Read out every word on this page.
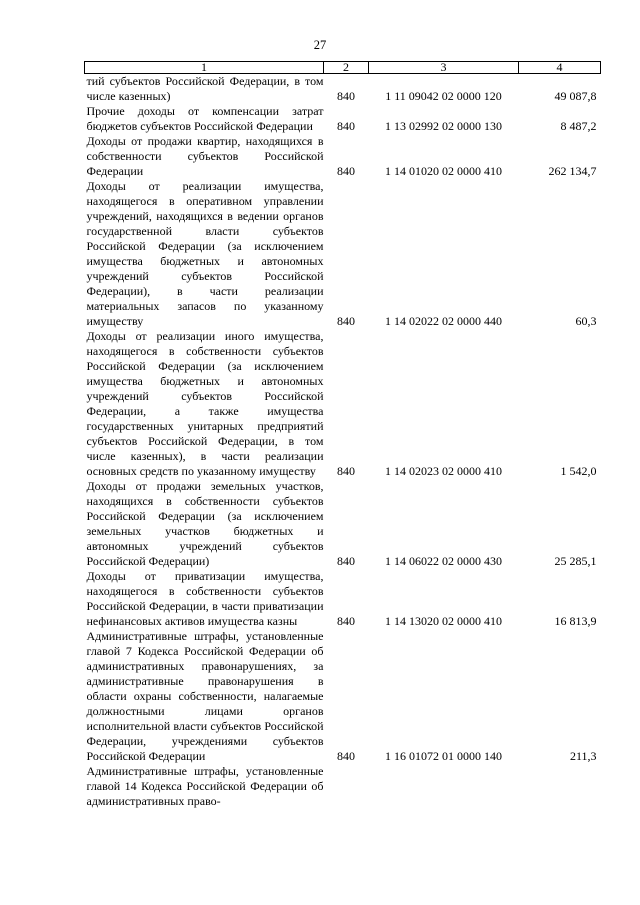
27
1	2	3	4
тий субъектов Российской Федерации, в том числе казенных)	840	1 11 09042 02 0000 120	49 087,8
Прочие доходы от компенсации затрат бюджетов субъектов Российской Федерации	840	1 13 02992 02 0000 130	8 487,2
Доходы от продажи квартир, находящихся в собственности субъектов Российской Федерации	840	1 14 01020 02 0000 410	262 134,7
Доходы от реализации имущества, находящегося в оперативном управлении учреждений, находящихся в ведении органов государственной власти субъектов Российской Федерации (за исключением имущества бюджетных и автономных учреждений субъектов Российской Федерации), в части реализации материальных запасов по указанному имуществу	840	1 14 02022 02 0000 440	60,3
Доходы от реализации иного имущества, находящегося в собственности субъектов Российской Федерации (за исключением имущества бюджетных и автономных учреждений субъектов Российской Федерации, а также имущества государственных унитарных предприятий субъектов Российской Федерации, в том числе казенных), в части реализации основных средств по указанному имуществу	840	1 14 02023 02 0000 410	1 542,0
Доходы от продажи земельных участков, находящихся в собственности субъектов Российской Федерации (за исключением земельных участков бюджетных и автономных учреждений субъектов Российской Федерации)	840	1 14 06022 02 0000 430	25 285,1
Доходы от приватизации имущества, находящегося в собственности субъектов Российской Федерации, в части приватизации нефинансовых активов имущества казны	840	1 14 13020 02 0000 410	16 813,9
Административные штрафы, установленные главой 7 Кодекса Российской Федерации об административных правонарушениях, за административные правонарушения в области охраны собственности, налагаемые должностными лицами органов исполнительной власти субъектов Российской Федерации, учреждениями субъектов Российской Федерации	840	1 16 01072 01 0000 140	211,3
Административные штрафы, установленные главой 14 Кодекса Российской Федерации об административных право-			
